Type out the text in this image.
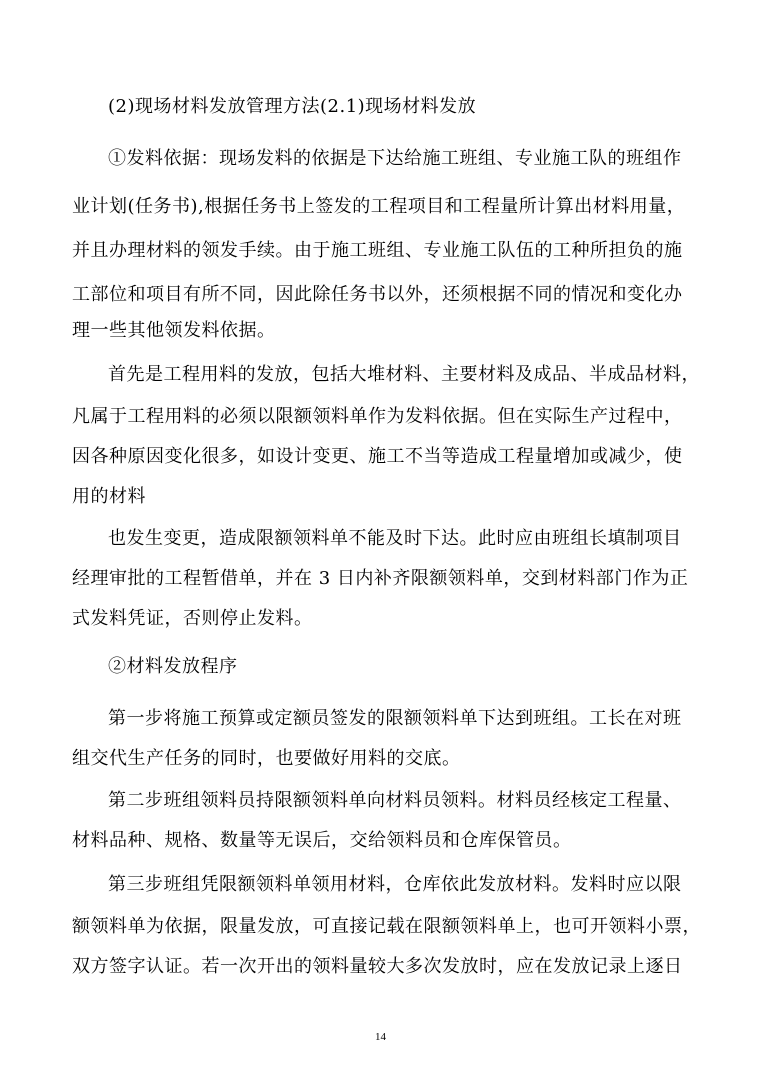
(2)现场材料发放管理方法(2.1)现场材料发放
①发料依据：现场发料的依据是下达给施工班组、专业施工队的班组作
业计划(任务书),根据任务书上签发的工程项目和工程量所计算出材料用量，
并且办理材料的领发手续。由于施工班组、专业施工队伍的工种所担负的施
工部位和项目有所不同，因此除任务书以外，还须根据不同的情况和变化办
理一些其他领发料依据。
首先是工程用料的发放，包括大堆材料、主要材料及成品、半成品材料，
凡属于工程用料的必须以限额领料单作为发料依据。但在实际生产过程中，
因各种原因变化很多，如设计变更、施工不当等造成工程量增加或减少，使
用的材料
也发生变更，造成限额领料单不能及时下达。此时应由班组长填制项目
经理审批的工程暂借单，并在 3 日内补齐限额领料单，交到材料部门作为正
式发料凭证，否则停止发料。
②材料发放程序
第一步将施工预算或定额员签发的限额领料单下达到班组。工长在对班
组交代生产任务的同时，也要做好用料的交底。
第二步班组领料员持限额领料单向材料员领料。材料员经核定工程量、
材料品种、规格、数量等无误后，交给领料员和仓库保管员。
第三步班组凭限额领料单领用材料，仓库依此发放材料。发料时应以限
额领料单为依据，限量发放，可直接记载在限额领料单上，也可开领料小票，
双方签字认证。若一次开出的领料量较大多次发放时，应在发放记录上逐日
14
